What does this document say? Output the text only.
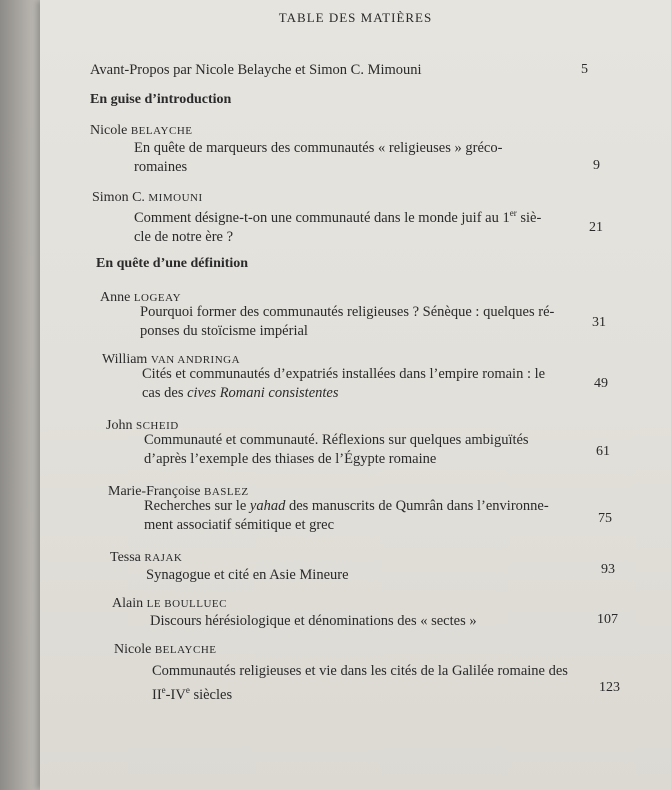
TABLE DES MATIÈRES
Avant-Propos par Nicole Belayche et Simon C. Mimouni	5
En guise d’introduction
Nicole BELAYCHE
En quête de marqueurs des communautés « religieuses » gréco-
romaines	9
Simon C. MIMOUNI
Comment désigne-t-on une communauté dans le monde juif au 1er siè-
cle de notre ère ?
21
En quête d’une définition
Anne LOGEAY
Pourquoi former des communautés religieuses ? Sénèque : quelques ré-
ponses du stoïcisme impérial
31
William VAN ANDRINGA
Cités et communautés d’expatriés installées dans l’empire romain : le
cas des cives Romani consistentes
49
John SCHEID
Communauté et communauté. Réflexions sur quelques ambiguïtés
d’après l’exemple des thiases de l’Égypte romaine	61
Marie-Françoise BASLEZ
Recherches sur le yahad des manuscrits de Qumrân dans l’environne-
ment associatif sémitique et grec	75
Tessa RAJAK
Synagogue et cité en Asie Mineure	93
Alain LE BOULLUEC
Discours hérésiologique et dénominations des « sectes »	107
Nicole BELAYCHE
Communautés religieuses et vie dans les cités de la Galilée romaine des
IIe-IVe siècles	123
